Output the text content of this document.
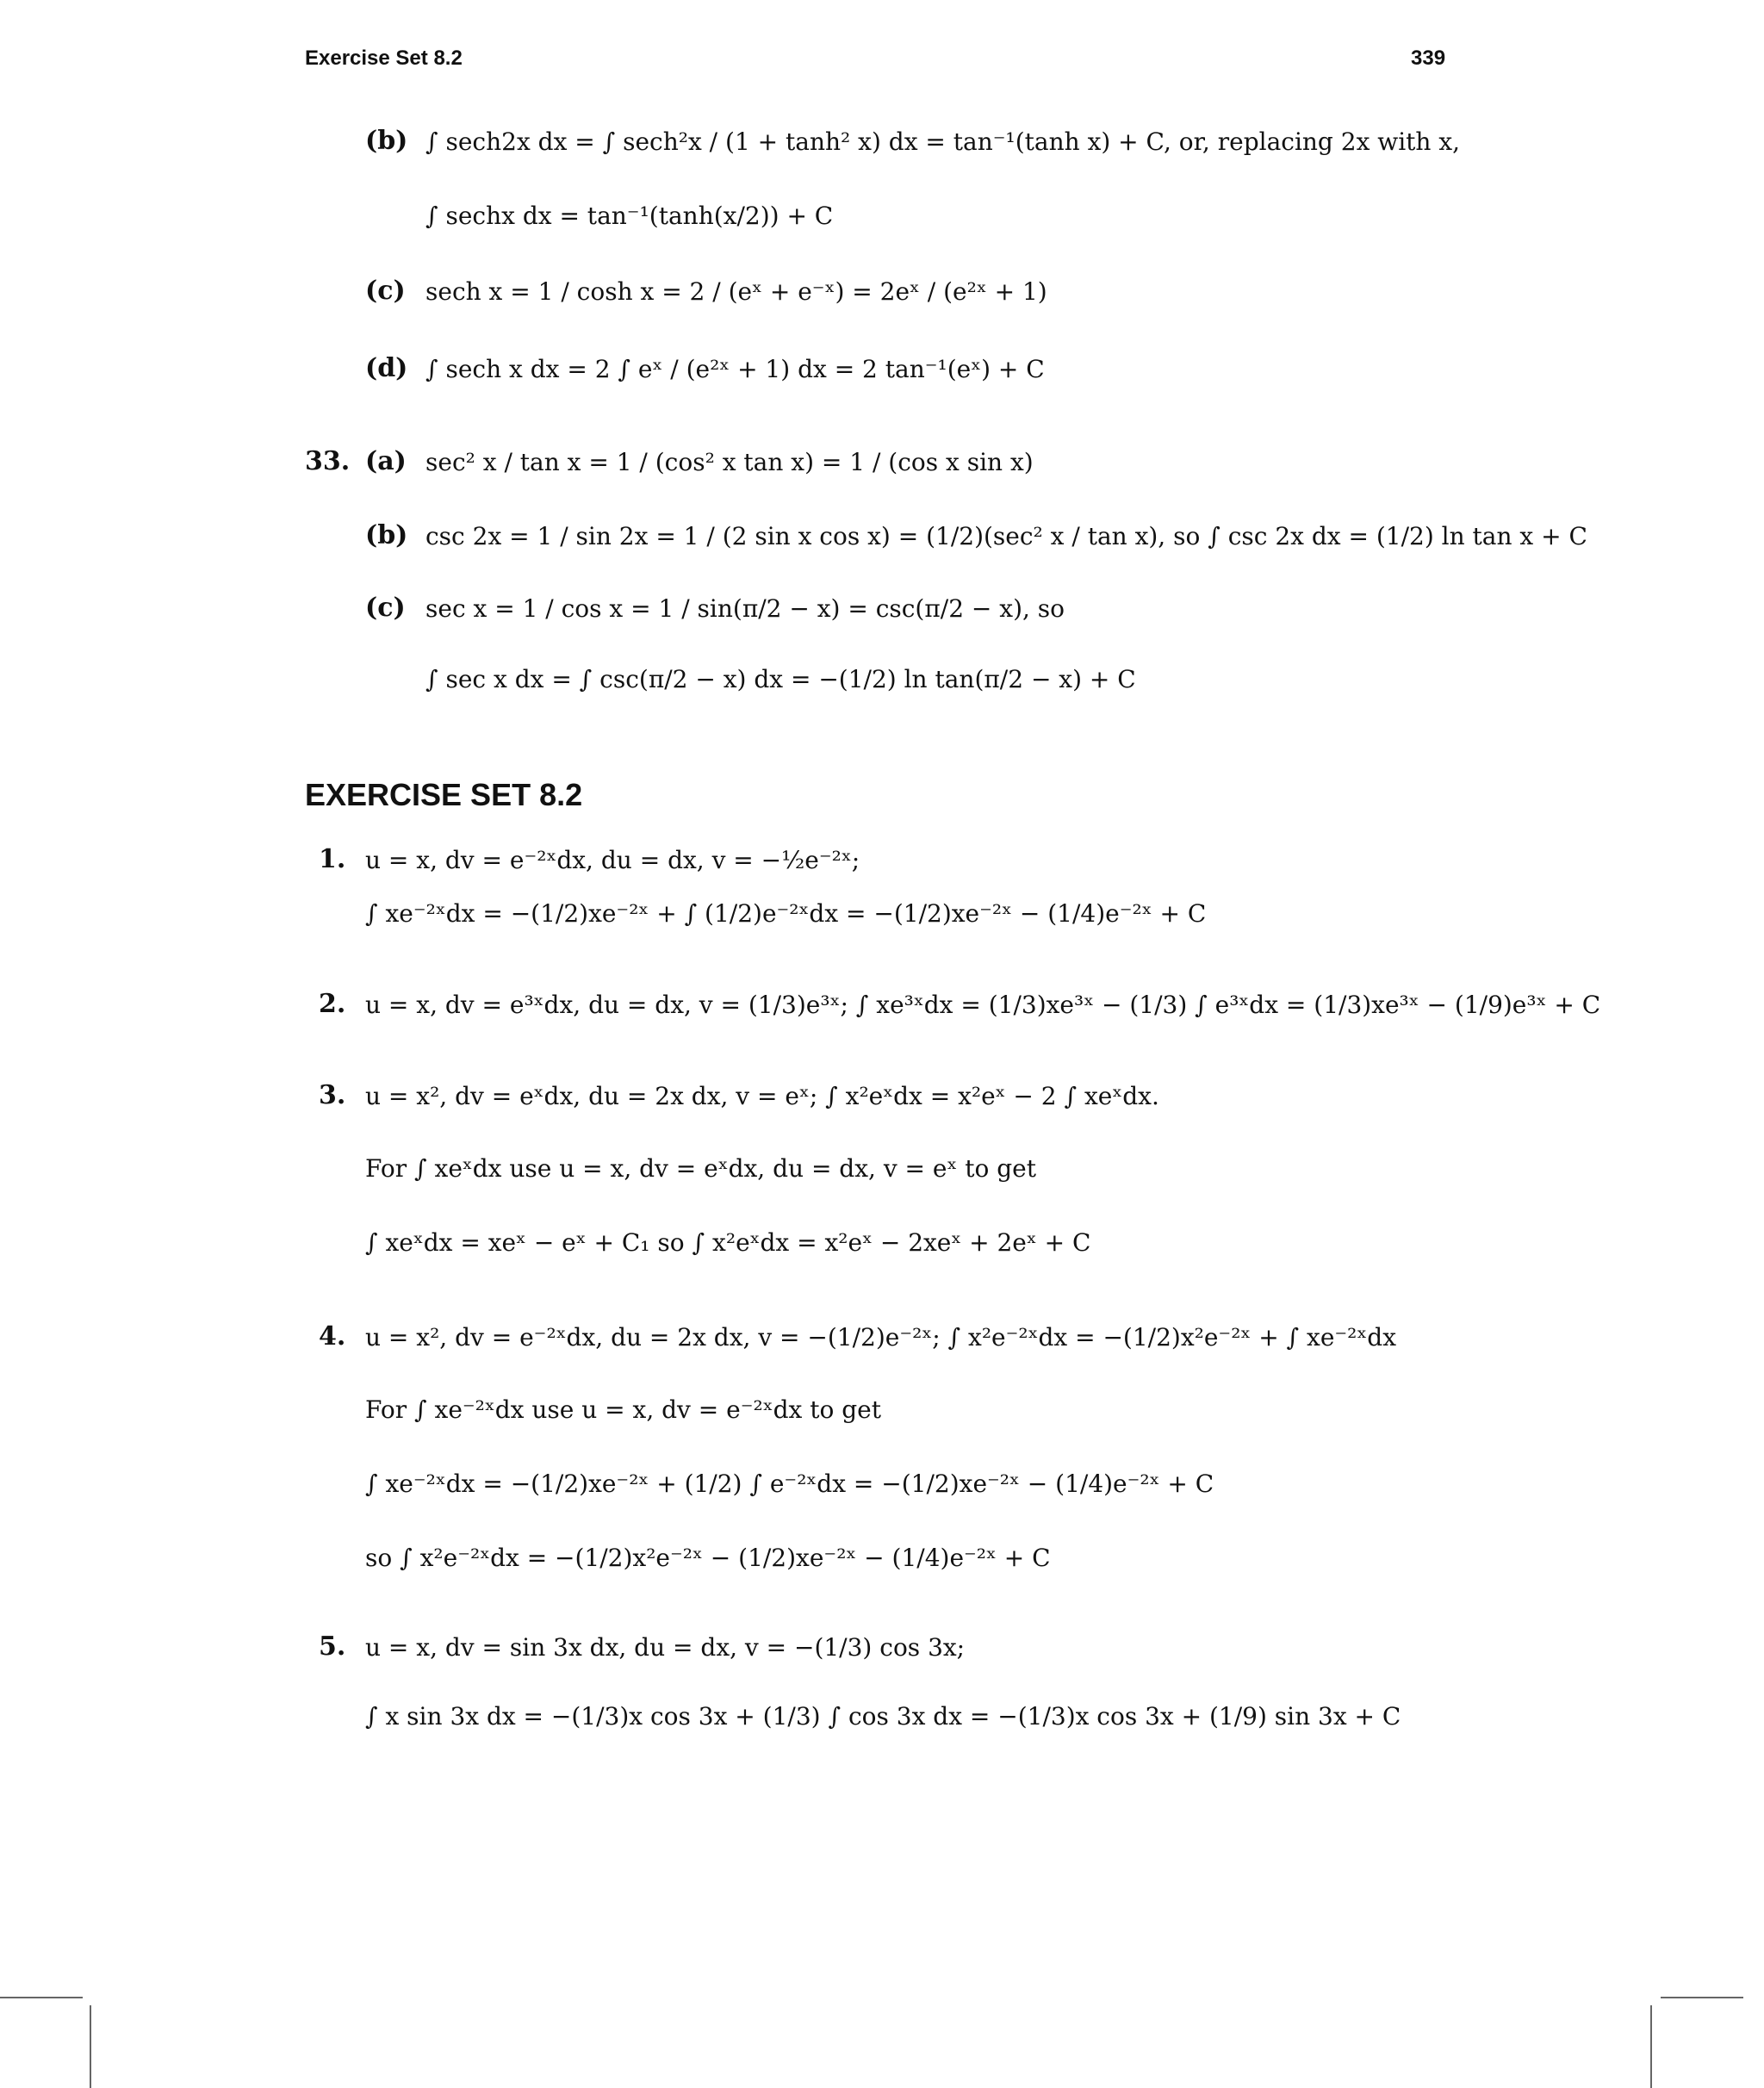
Exercise Set 8.2	339
(b) ∫ sech2x dx = ∫ sech²x / (1 + tanh² x) dx = tan⁻¹(tanh x) + C, or, replacing 2x with x,
∫ sechx dx = tan⁻¹(tanh(x/2)) + C
(c) sech x = 1 / cosh x = 2 / (eˣ + e⁻ˣ) = 2eˣ / (e²ˣ + 1)
(d) ∫ sech x dx = 2 ∫ eˣ / (e²ˣ + 1) dx = 2 tan⁻¹(eˣ) + C
33. (a) sec² x / tan x = 1 / (cos² x tan x) = 1 / (cos x sin x)
(b) csc 2x = 1 / sin 2x = 1 / (2 sin x cos x) = (1/2)(sec² x / tan x), so ∫ csc 2x dx = (1/2) ln tan x + C
(c) sec x = 1 / cos x = 1 / sin(π/2 − x) = csc(π/2 − x), so
∫ sec x dx = ∫ csc(π/2 − x) dx = −(1/2) ln tan(π/2 − x) + C
EXERCISE SET 8.2
1. u = x, dv = e⁻²ˣdx, du = dx, v = −½e⁻²ˣ;
∫ xe⁻²ˣdx = −(1/2)xe⁻²ˣ + ∫ (1/2)e⁻²ˣdx = −(1/2)xe⁻²ˣ − (1/4)e⁻²ˣ + C
2. u = x, dv = e³ˣdx, du = dx, v = (1/3)e³ˣ; ∫ xe³ˣdx = (1/3)xe³ˣ − (1/3) ∫ e³ˣdx = (1/3)xe³ˣ − (1/9)e³ˣ + C
3. u = x², dv = eˣdx, du = 2x dx, v = eˣ; ∫ x²eˣdx = x²eˣ − 2 ∫ xeˣdx.
For ∫ xeˣdx use u = x, dv = eˣdx, du = dx, v = eˣ to get
∫ xeˣdx = xeˣ − eˣ + C₁ so ∫ x²eˣdx = x²eˣ − 2xeˣ + 2eˣ + C
4. u = x², dv = e⁻²ˣdx, du = 2x dx, v = −(1/2)e⁻²ˣ; ∫ x²e⁻²ˣdx = −(1/2)x²e⁻²ˣ + ∫ xe⁻²ˣdx
For ∫ xe⁻²ˣdx use u = x, dv = e⁻²ˣdx to get
∫ xe⁻²ˣdx = −(1/2)xe⁻²ˣ + (1/2) ∫ e⁻²ˣdx = −(1/2)xe⁻²ˣ − (1/4)e⁻²ˣ + C
so ∫ x²e⁻²ˣdx = −(1/2)x²e⁻²ˣ − (1/2)xe⁻²ˣ − (1/4)e⁻²ˣ + C
5. u = x, dv = sin 3x dx, du = dx, v = −(1/3) cos 3x;
∫ x sin 3x dx = −(1/3)x cos 3x + (1/3) ∫ cos 3x dx = −(1/3)x cos 3x + (1/9) sin 3x + C
